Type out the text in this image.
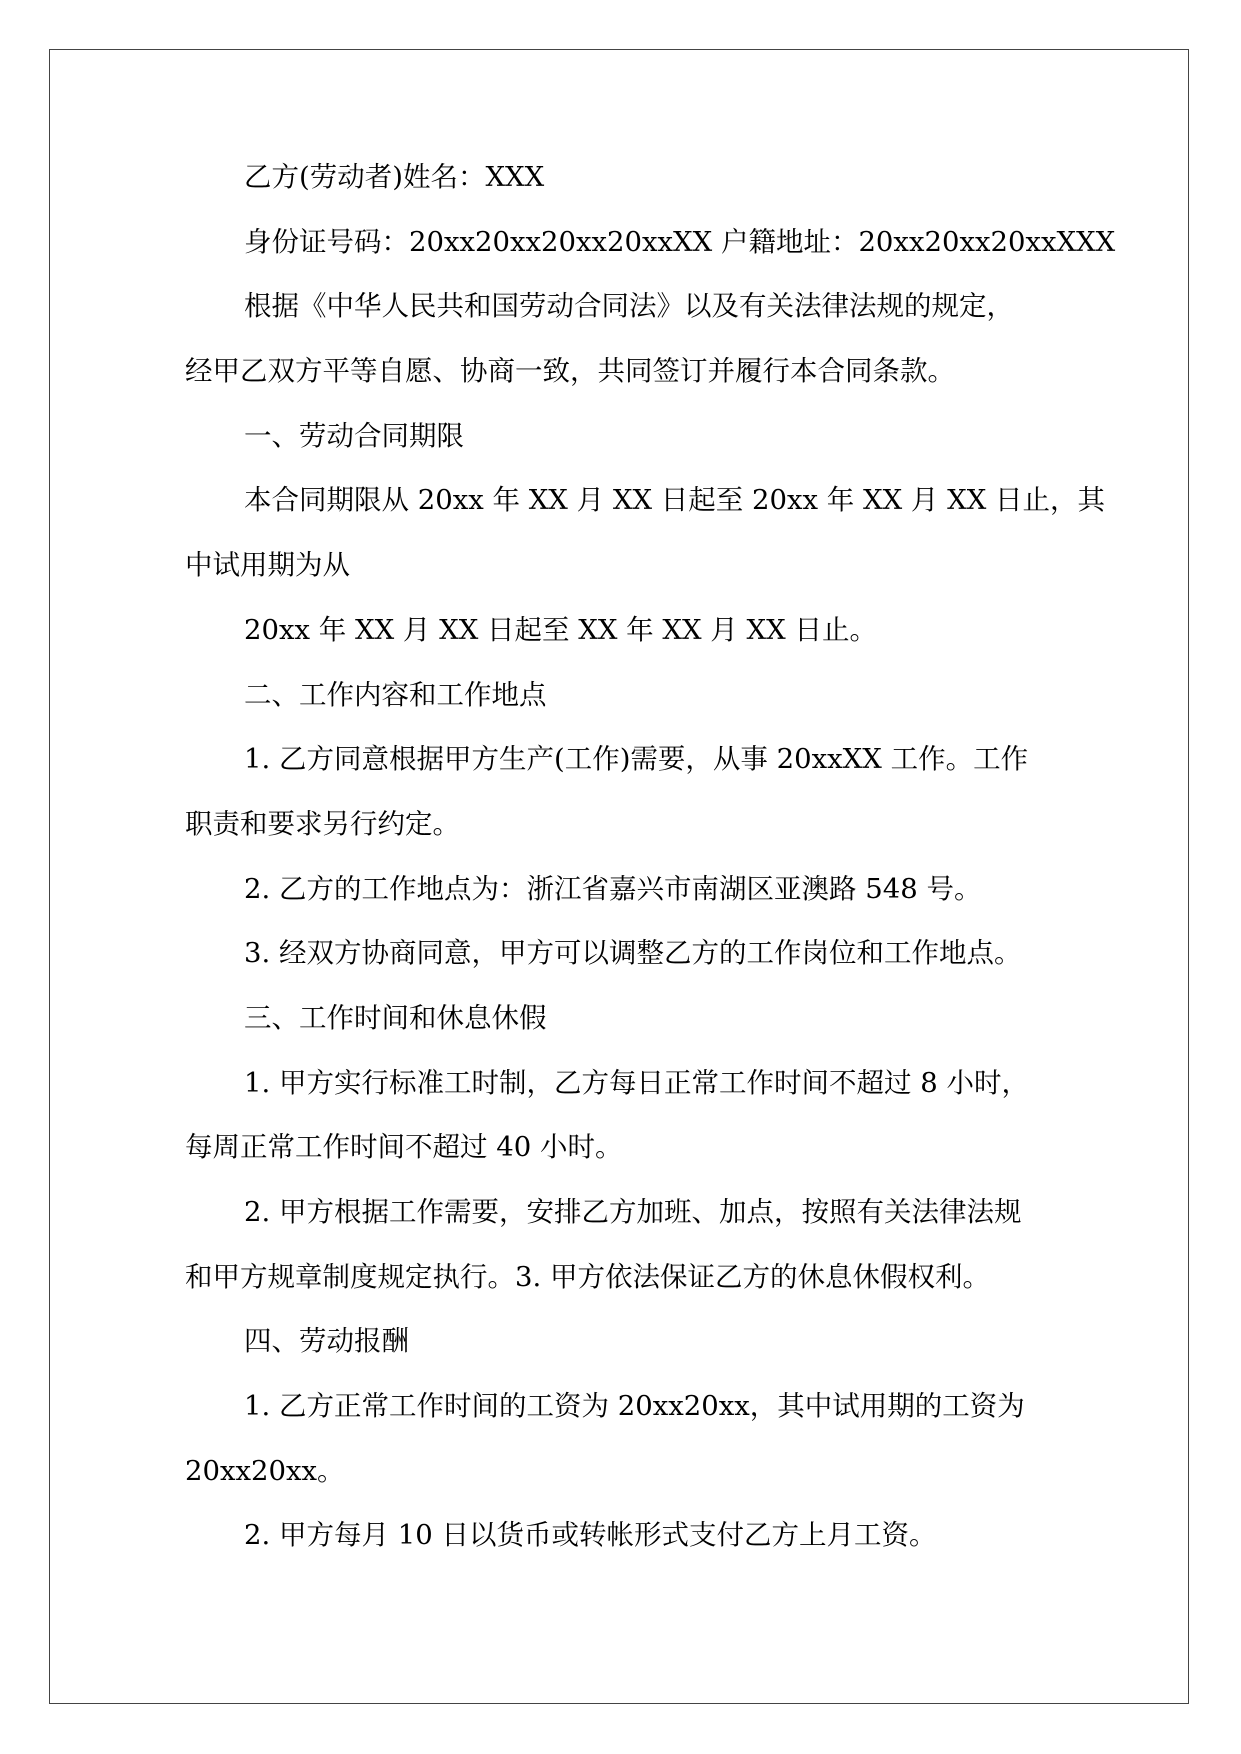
乙方(劳动者)姓名：XXX
身份证号码：20xx20xx20xx20xxXX 户籍地址：20xx20xx20xxXXX
根据《中华人民共和国劳动合同法》以及有关法律法规的规定，
经甲乙双方平等自愿、协商一致，共同签订并履行本合同条款。
一、劳动合同期限
本合同期限从 20xx 年 XX 月 XX 日起至 20xx 年 XX 月 XX 日止，其
中试用期为从
20xx 年 XX 月 XX 日起至 XX 年 XX 月 XX 日止。
二、工作内容和工作地点
1. 乙方同意根据甲方生产(工作)需要，从事 20xxXX 工作。工作
职责和要求另行约定。
2. 乙方的工作地点为：浙江省嘉兴市南湖区亚澳路 548 号。
3. 经双方协商同意，甲方可以调整乙方的工作岗位和工作地点。
三、工作时间和休息休假
1. 甲方实行标准工时制，乙方每日正常工作时间不超过 8 小时，
每周正常工作时间不超过 40 小时。
2. 甲方根据工作需要，安排乙方加班、加点，按照有关法律法规
和甲方规章制度规定执行。3. 甲方依法保证乙方的休息休假权利。
四、劳动报酬
1. 乙方正常工作时间的工资为 20xx20xx，其中试用期的工资为
20xx20xx。
2. 甲方每月 10 日以货币或转帐形式支付乙方上月工资。
